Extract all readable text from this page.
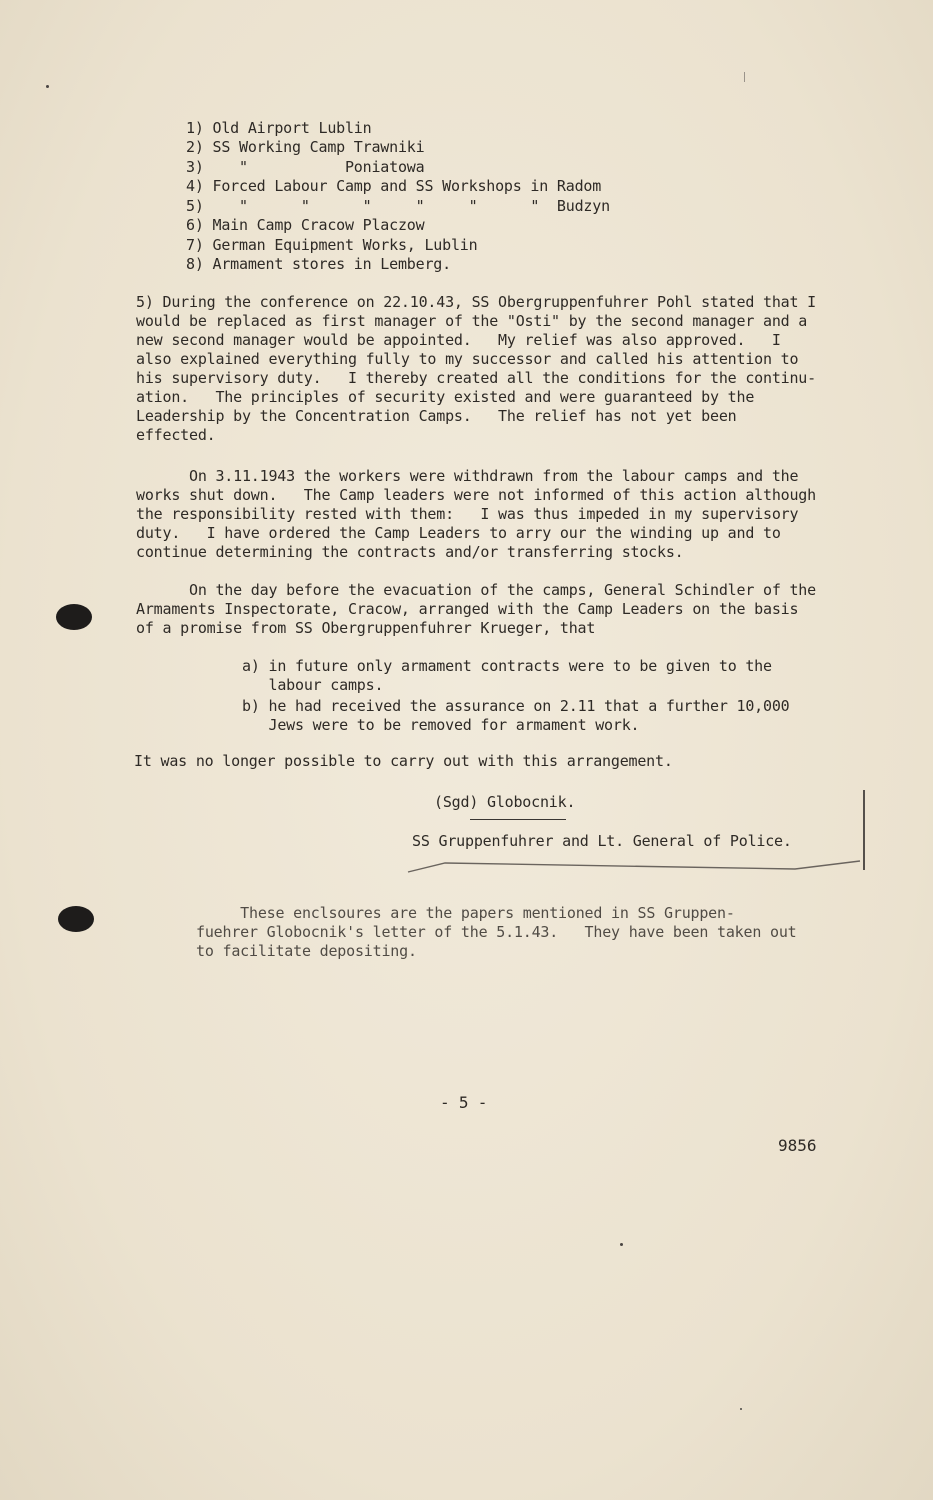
1) Old Airport Lublin
2) SS Working Camp Trawniki
3)    "           Poniatowa
4) Forced Labour Camp and SS Workshops in Radom
5)    "      "      "     "     "      "  Budzyn
6) Main Camp Cracow Placzow
7) German Equipment Works, Lublin
8) Armament stores in Lemberg.
5) During the conference on 22.10.43, SS Obergruppenfuhrer Pohl stated that I
would be replaced as first manager of the "Osti" by the second manager and a
new second manager would be appointed.   My relief was also approved.   I
also explained everything fully to my successor and called his attention to
his supervisory duty.   I thereby created all the conditions for the continu-
ation.   The principles of security existed and were guaranteed by the
Leadership by the Concentration Camps.   The relief has not yet been
effected.
On 3.11.1943 the workers were withdrawn from the labour camps and the
works shut down.   The Camp leaders were not informed of this action although
the responsibility rested with them:   I was thus impeded in my supervisory
duty.   I have ordered the Camp Leaders to arry our the winding up and to
continue determining the contracts and/or transferring stocks.
On the day before the evacuation of the camps, General Schindler of the
Armaments Inspectorate, Cracow, arranged with the Camp Leaders on the basis
of a promise from SS Obergruppenfuhrer Krueger, that
a) in future only armament contracts were to be given to the
labour camps.
b) he had received the assurance on 2.11 that a further 10,000
Jews were to be removed for armament work.
It was no longer possible to carry out with this arrangement.
(Sgd) Globocnik.
SS Gruppenfuhrer and Lt. General of Police.
These enclsoures are the papers mentioned in SS Gruppen-
fuehrer Globocnik's letter of the 5.1.43.   They have been taken out
to facilitate depositing.
- 5 -
9856
